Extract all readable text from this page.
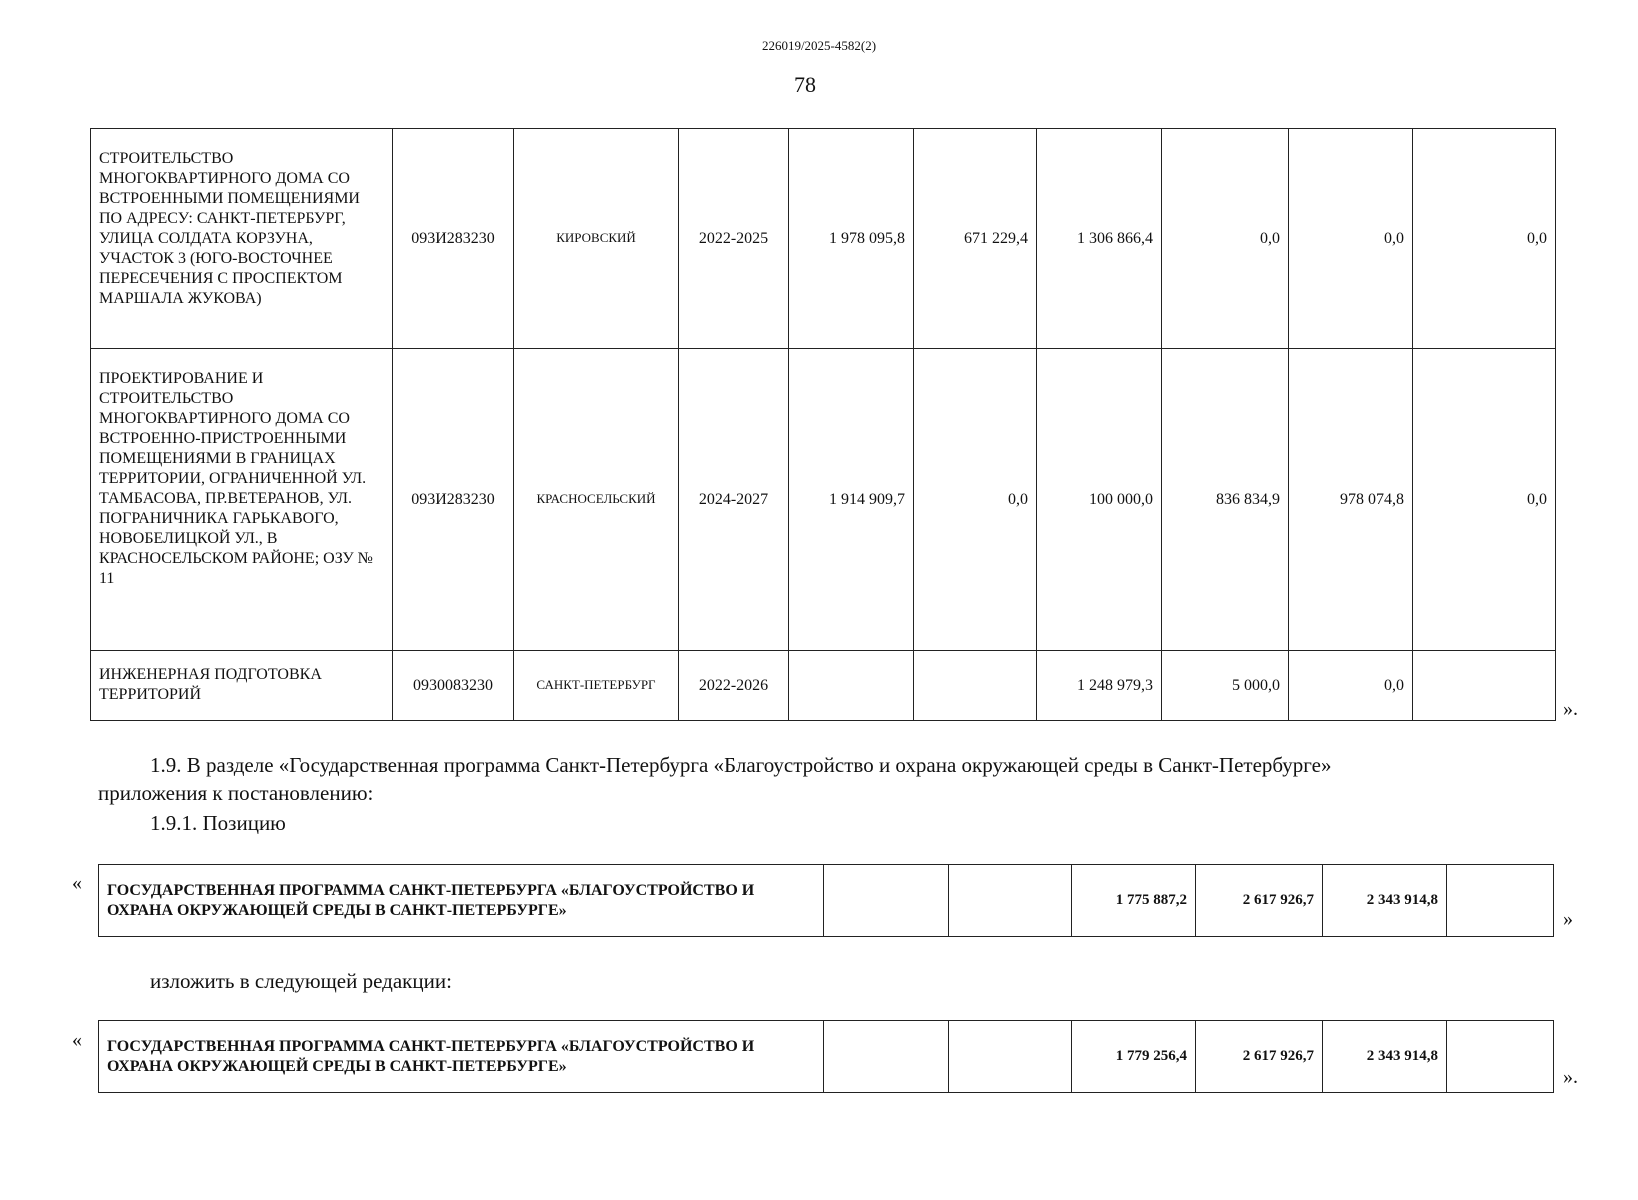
226019/2025-4582(2)
78
СТРОИТЕЛЬСТВО МНОГОКВАРТИРНОГО ДОМА СО ВСТРОЕННЫМИ ПОМЕЩЕНИЯМИ ПО АДРЕСУ: САНКТ-ПЕТЕРБУРГ, УЛИЦА СОЛДАТА КОРЗУНА, УЧАСТОК 3 (ЮГО-ВОСТОЧНЕЕ ПЕРЕСЕЧЕНИЯ С ПРОСПЕКТОМ МАРШАЛА ЖУКОВА)	093И283230	КИРОВСКИЙ	2022-2025	1 978 095,8	671 229,4	1 306 866,4	0,0	0,0	0,0
ПРОЕКТИРОВАНИЕ И СТРОИТЕЛЬСТВО МНОГОКВАРТИРНОГО ДОМА СО ВСТРОЕННО-ПРИСТРОЕННЫМИ ПОМЕЩЕНИЯМИ В ГРАНИЦАХ ТЕРРИТОРИИ, ОГРАНИЧЕННОЙ УЛ. ТАМБАСОВА, ПР.ВЕТЕРАНОВ, УЛ. ПОГРАНИЧНИКА ГАРЬКАВОГО, НОВОБЕЛИЦКОЙ УЛ., В КРАСНОСЕЛЬСКОМ РАЙОНЕ; ОЗУ № 11	093И283230	КРАСНОСЕЛЬСКИЙ	2024-2027	1 914 909,7	0,0	100 000,0	836 834,9	978 074,8	0,0
ИНЖЕНЕРНАЯ ПОДГОТОВКА ТЕРРИТОРИЙ	0930083230	САНКТ-ПЕТЕРБУРГ	2022-2026			1 248 979,3	5 000,0	0,0	
».
1.9. В разделе «Государственная программа Санкт-Петербурга «Благоустройство и охрана окружающей среды в Санкт-Петербурге»
приложения к постановлению:
1.9.1. Позицию
« ГОСУДАРСТВЕННАЯ ПРОГРАММА САНКТ-ПЕТЕРБУРГА «БЛАГОУСТРОЙСТВО И ОХРАНА ОКРУЖАЮЩЕЙ СРЕДЫ В САНКТ-ПЕТЕРБУРГЕ»			1 775 887,2	2 617 926,7	2 343 914,8	
»
изложить в следующей редакции:
« ГОСУДАРСТВЕННАЯ ПРОГРАММА САНКТ-ПЕТЕРБУРГА «БЛАГОУСТРОЙСТВО И ОХРАНА ОКРУЖАЮЩЕЙ СРЕДЫ В САНКТ-ПЕТЕРБУРГЕ»			1 779 256,4	2 617 926,7	2 343 914,8	
».
